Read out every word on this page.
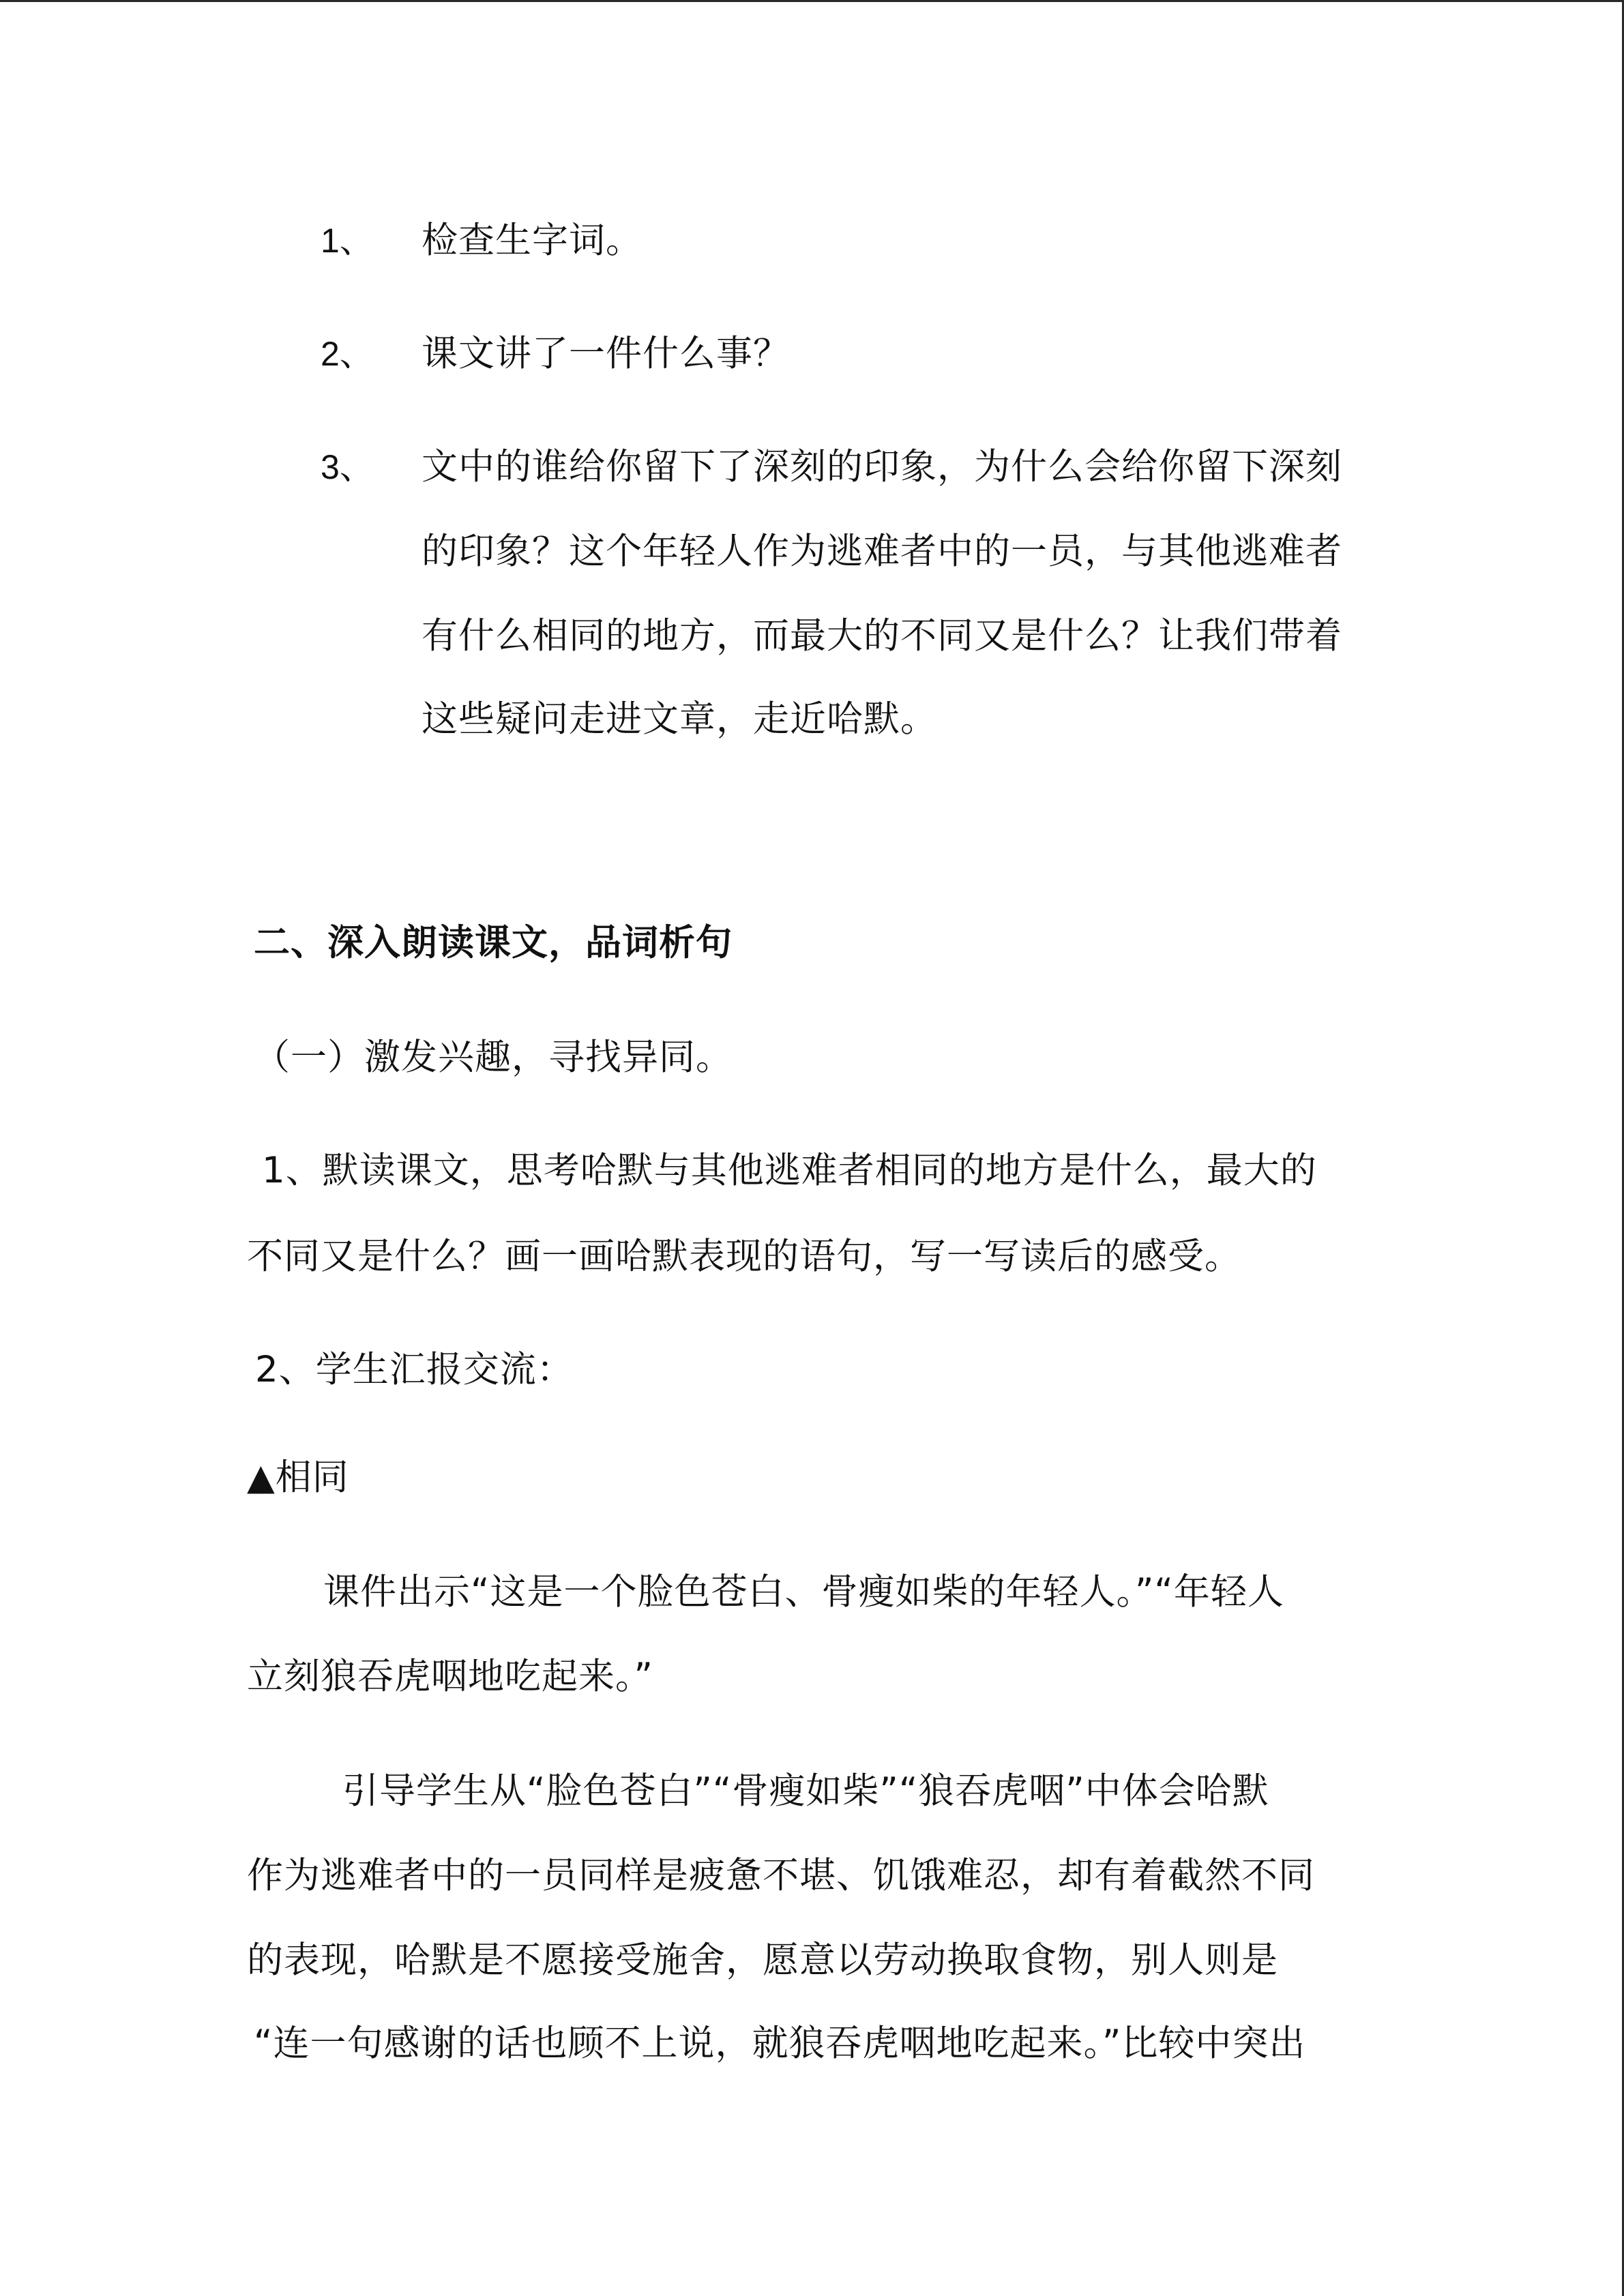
1、 检查生字词。
2、 课文讲了一件什么事？
3、 文中的谁给你留下了深刻的印象，为什么会给你留下深刻
的印象？这个年轻人作为逃难者中的一员，与其他逃难者
有什么相同的地方，而最大的不同又是什么？让我们带着
这些疑问走进文章，走近哈默。
二、深入朗读课文，品词析句
（一）激发兴趣，寻找异同。
1、默读课文，思考哈默与其他逃难者相同的地方是什么，最大的
不同又是什么？画一画哈默表现的语句，写一写读后的感受。
2、学生汇报交流：
▲相同
课件出示“这是一个脸色苍白、骨瘦如柴的年轻人。”“年轻人
立刻狼吞虎咽地吃起来。”
引导学生从“脸色苍白”“骨瘦如柴”“狼吞虎咽”中体会哈默
作为逃难者中的一员同样是疲惫不堪、饥饿难忍，却有着截然不同
的表现，哈默是不愿接受施舍，愿意以劳动换取食物，别人则是
“连一句感谢的话也顾不上说，就狼吞虎咽地吃起来。”比较中突出
